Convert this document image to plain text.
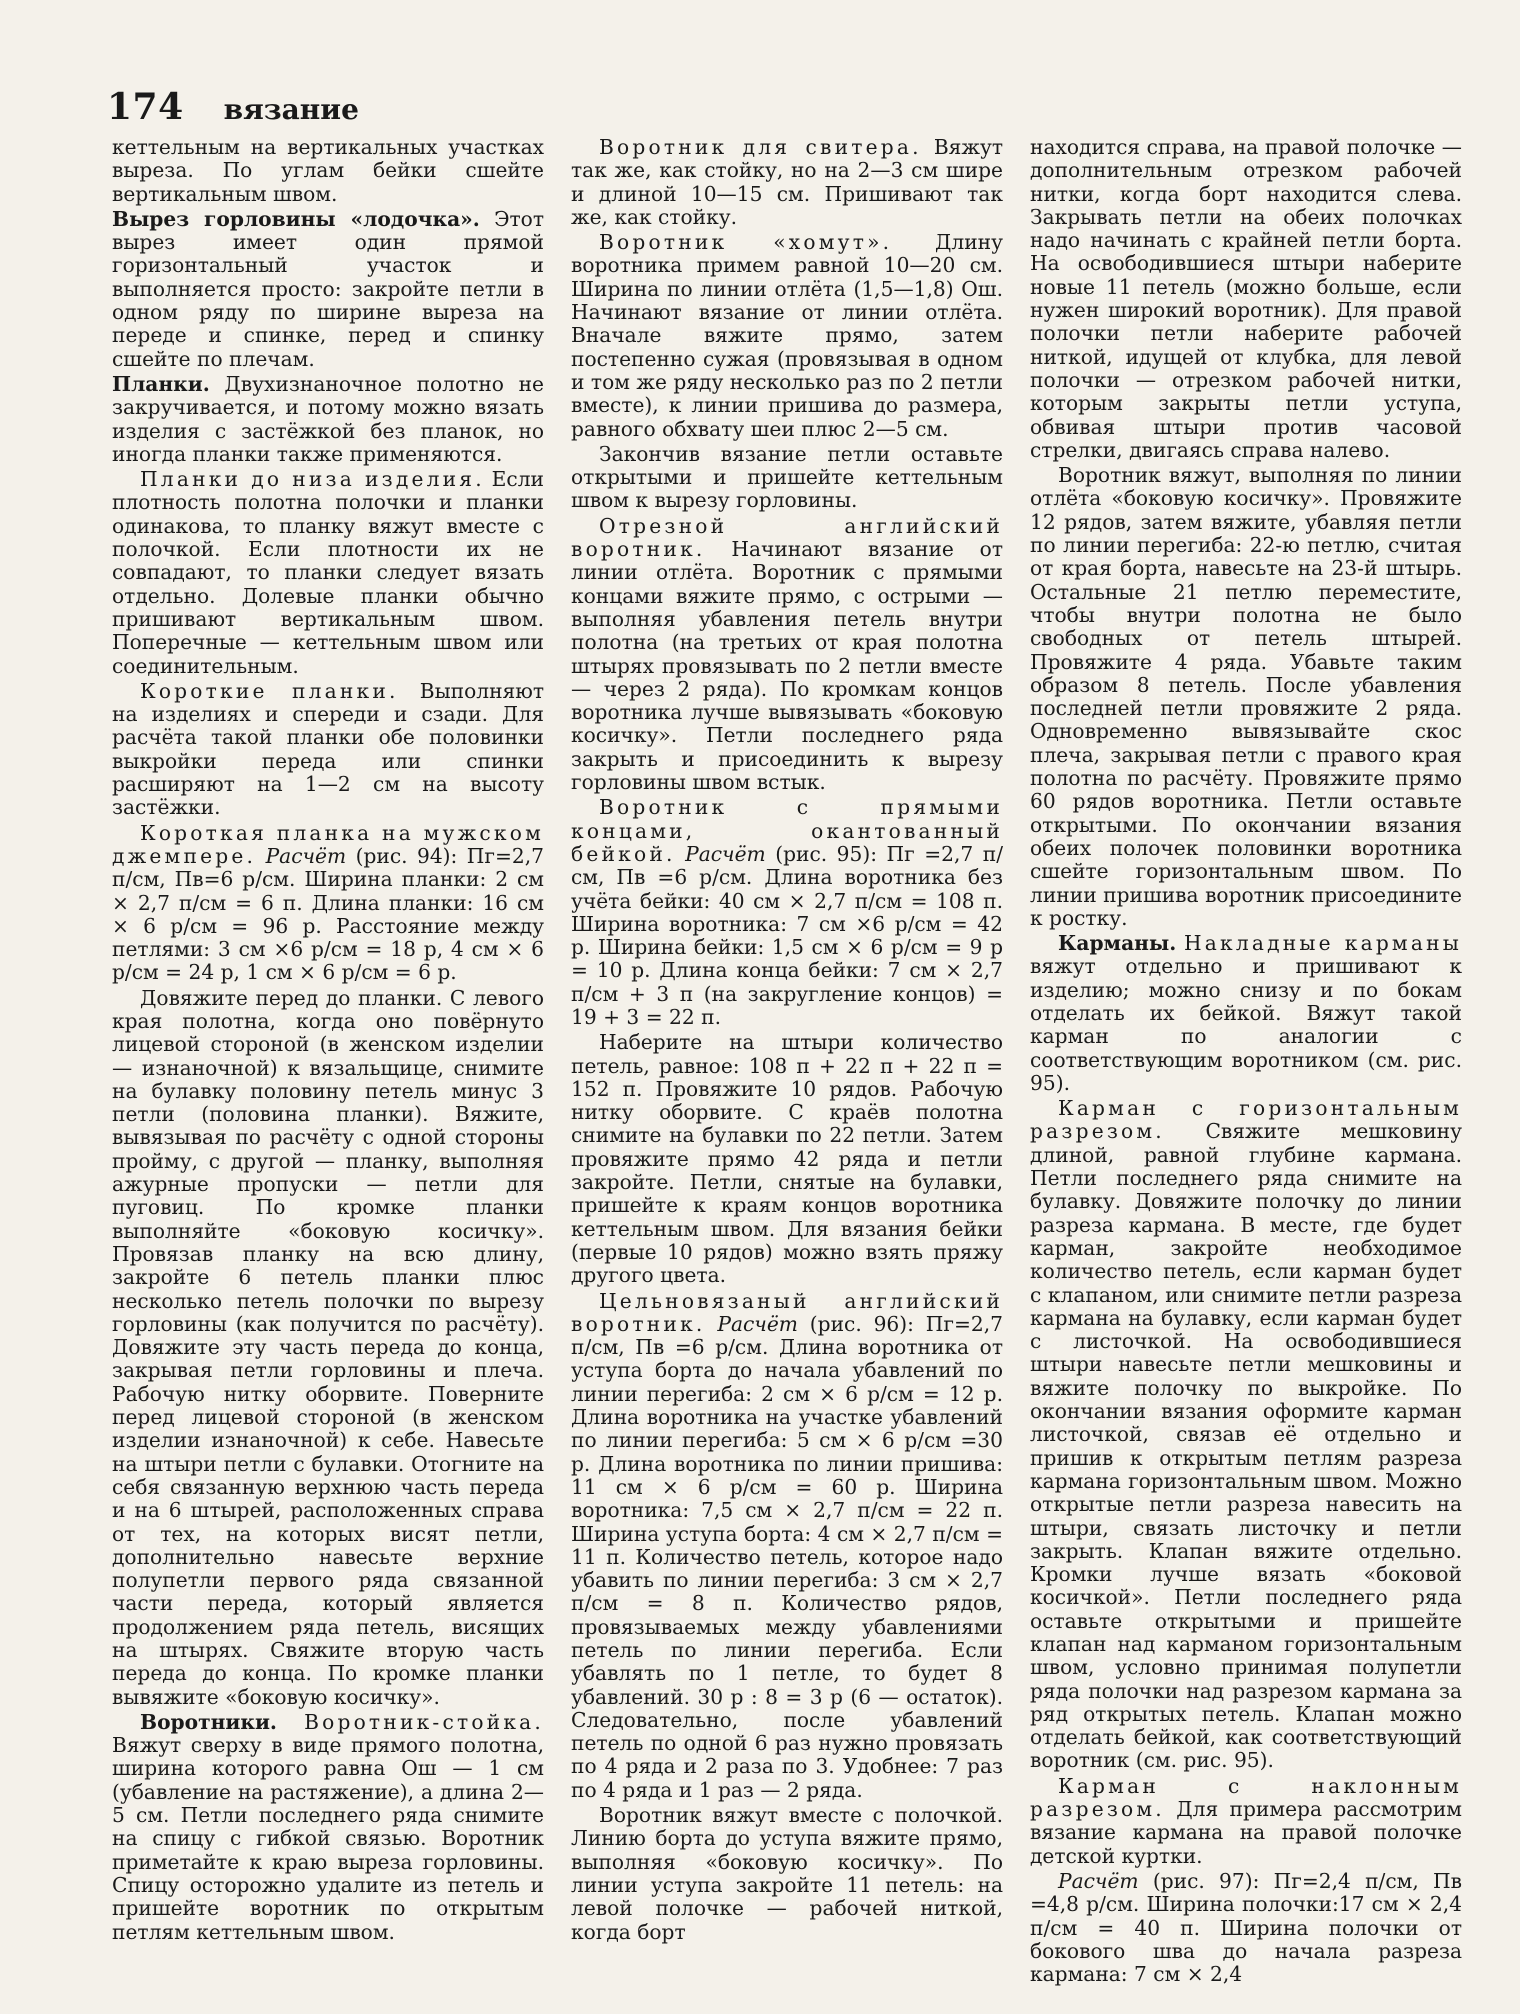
174 вязание

кеттельным на вертикальных участках выреза. По углам бейки сшейте вертикальным швом.

Вырез горловины «лодочка». Этот вырез имеет один прямой горизонтальный участок и выполняется просто: закройте петли в одном ряду по ширине выреза на переде и спинке, перед и спинку сшейте по плечам.

Планки. Двухизнаночное полотно не закручивается, и потому можно вязать изделия с застёжкой без планок, но иногда планки также применяются.

Планки до низа изделия. Если плотность полотна полочки и планки одинакова, то планку вяжут вместе с полочкой. Если плотности их не совпадают, то планки следует вязать отдельно. Долевые планки обычно пришивают вертикальным швом. Поперечные — кеттельным швом или соединительным.

Короткие планки. Выполняют на изделиях и спереди и сзади. Для расчёта такой планки обе половинки выкройки переда или спинки расширяют на 1—2 см на высоту застёжки.

Короткая планка на мужском джемпере. Расчёт (рис. 94): Пг=2,7 п/см, Пв=6 р/см. Ширина планки: 2 см × 2,7 п/см = 6 п. Длина планки: 16 см × 6 р/см = 96 р. Расстояние между петлями: 3 см ×6 р/см = 18 р, 4 см × 6 р/см = 24 р, 1 см × 6 р/см = 6 р.

Довяжите перед до планки. С левого края полотна, когда оно повёрнуто лицевой стороной (в женском изделии — изнаночной) к вязальщице, снимите на булавку половину петель минус 3 петли (половина планки). Вяжите, вывязывая по расчёту с одной стороны пройму, с другой — планку, выполняя ажурные пропуски — петли для пуговиц. По кромке планки выполняйте «боковую косичку». Провязав планку на всю длину, закройте 6 петель планки плюс несколько петель полочки по вырезу горловины (как получится по расчёту). Довяжите эту часть переда до конца, закрывая петли горловины и плеча. Рабочую нитку оборвите. Поверните перед лицевой стороной (в женском изделии изнаночной) к себе. Навесьте на штыри петли с булавки. Отогните на себя связанную верхнюю часть переда и на 6 штырей, расположенных справа от тех, на которых висят петли, дополнительно навесьте верхние полупетли первого ряда связанной части переда, который является продолжением ряда петель, висящих на штырях. Свяжите вторую часть переда до конца. По кромке планки вывяжите «боковую косичку».

Воротники. Воротник-стойка. Вяжут сверху в виде прямого полотна, ширина которого равна Ош — 1 см (убавление на растяжение), а длина 2—5 см. Петли последнего ряда снимите на спицу с гибкой связью. Воротник приметайте к краю выреза горловины. Спицу осторожно удалите из петель и пришейте воротник по открытым петлям кеттельным швом.

Воротник для свитера. Вяжут так же, как стойку, но на 2—3 см шире и длиной 10—15 см. Пришивают так же, как стойку.

Воротник «хомут». Длину воротника примем равной 10—20 см. Ширина по линии отлёта (1,5—1,8) Ош. Начинают вязание от линии отлёта. Вначале вяжите прямо, затем постепенно сужая (провязывая в одном и том же ряду несколько раз по 2 петли вместе), к линии пришива до размера, равного обхвату шеи плюс 2—5 см.

Закончив вязание петли оставьте открытыми и пришейте кеттельным швом к вырезу горловины.

Отрезной английский воротник. Начинают вязание от линии отлёта. Воротник с прямыми концами вяжите прямо, с острыми — выполняя убавления петель внутри полотна (на третьих от края полотна штырях провязывать по 2 петли вместе — через 2 ряда). По кромкам концов воротника лучше вывязывать «боковую косичку». Петли последнего ряда закрыть и присоединить к вырезу горловины швом встык.

Воротник с прямыми концами, окантованный бейкой. Расчёт (рис. 95): Пг =2,7 п/см, Пв =6 р/см. Длина воротника без учёта бейки: 40 см × 2,7 п/см = 108 п. Ширина воротника: 7 см ×6 р/см = 42 р. Ширина бейки: 1,5 см × 6 р/см = 9 р = 10 р. Длина конца бейки: 7 см × 2,7 п/см + 3 п (на закругление концов) = 19 + 3 = 22 п.

Наберите на штыри количество петель, равное: 108 п + 22 п + 22 п = 152 п. Провяжите 10 рядов. Рабочую нитку оборвите. С краёв полотна снимите на булавки по 22 петли. Затем провяжите прямо 42 ряда и петли закройте. Петли, снятые на булавки, пришейте к краям концов воротника кеттельным швом. Для вязания бейки (первые 10 рядов) можно взять пряжу другого цвета.

Цельновязаный английский воротник. Расчёт (рис. 96): Пг=2,7 п/см, Пв =6 р/см. Длина воротника от уступа борта до начала убавлений по линии перегиба: 2 см × 6 р/см = 12 р. Длина воротника на участке убавлений по линии перегиба: 5 см × 6 р/см =30 р. Длина воротника по линии пришива: 11 см × 6 р/см = 60 р. Ширина воротника: 7,5 см × 2,7 п/см = 22 п. Ширина уступа борта: 4 см × 2,7 п/см = 11 п. Количество петель, которое надо убавить по линии перегиба: 3 см × 2,7 п/см = 8 п. Количество рядов, провязываемых между убавлениями петель по линии перегиба. Если убавлять по 1 петле, то будет 8 убавлений. 30 р : 8 = 3 р (6 — остаток). Следовательно, после убавлений петель по одной 6 раз нужно провязать по 4 ряда и 2 раза по 3. Удобнее: 7 раз по 4 ряда и 1 раз — 2 ряда.

Воротник вяжут вместе с полочкой. Линию борта до уступа вяжите прямо, выполняя «боковую косичку». По линии уступа закройте 11 петель: на левой полочке — рабочей ниткой, когда борт

находится справа, на правой полочке — дополнительным отрезком рабочей нитки, когда борт находится слева. Закрывать петли на обеих полочках надо начинать с крайней петли борта. На освободившиеся штыри наберите новые 11 петель (можно больше, если нужен широкий воротник). Для правой полочки петли наберите рабочей ниткой, идущей от клубка, для левой полочки — отрезком рабочей нитки, которым закрыты петли уступа, обвивая штыри против часовой стрелки, двигаясь справа налево.

Воротник вяжут, выполняя по линии отлёта «боковую косичку». Провяжите 12 рядов, затем вяжите, убавляя петли по линии перегиба: 22-ю петлю, считая от края борта, навесьте на 23-й штырь. Остальные 21 петлю переместите, чтобы внутри полотна не было свободных от петель штырей. Провяжите 4 ряда. Убавьте таким образом 8 петель. После убавления последней петли провяжите 2 ряда. Одновременно вывязывайте скос плеча, закрывая петли с правого края полотна по расчёту. Провяжите прямо 60 рядов воротника. Петли оставьте открытыми. По окончании вязания обеих полочек половинки воротника сшейте горизонтальным швом. По линии пришива воротник присоедините к ростку.

Карманы. Накладные карманы вяжут отдельно и пришивают к изделию; можно снизу и по бокам отделать их бейкой. Вяжут такой карман по аналогии с соответствующим воротником (см. рис. 95).

Карман с горизонтальным разрезом. Свяжите мешковину длиной, равной глубине кармана. Петли последнего ряда снимите на булавку. Довяжите полочку до линии разреза кармана. В месте, где будет карман, закройте необходимое количество петель, если карман будет с клапаном, или снимите петли разреза кармана на булавку, если карман будет с листочкой. На освободившиеся штыри навесьте петли мешковины и вяжите полочку по выкройке. По окончании вязания оформите карман листочкой, связав её отдельно и пришив к открытым петлям разреза кармана горизонтальным швом. Можно открытые петли разреза навесить на штыри, связать листочку и петли закрыть. Клапан вяжите отдельно. Кромки лучше вязать «боковой косичкой». Петли последнего ряда оставьте открытыми и пришейте клапан над карманом горизонтальным швом, условно принимая полупетли ряда полочки над разрезом кармана за ряд открытых петель. Клапан можно отделать бейкой, как соответствующий воротник (см. рис. 95).

Карман с наклонным разрезом. Для примера рассмотрим вязание кармана на правой полочке детской куртки.

Расчёт (рис. 97): Пг=2,4 п/см, Пв =4,8 р/см. Ширина полочки:17 см × 2,4 п/см = 40 п. Ширина полочки от бокового шва до начала разреза кармана: 7 см × 2,4
